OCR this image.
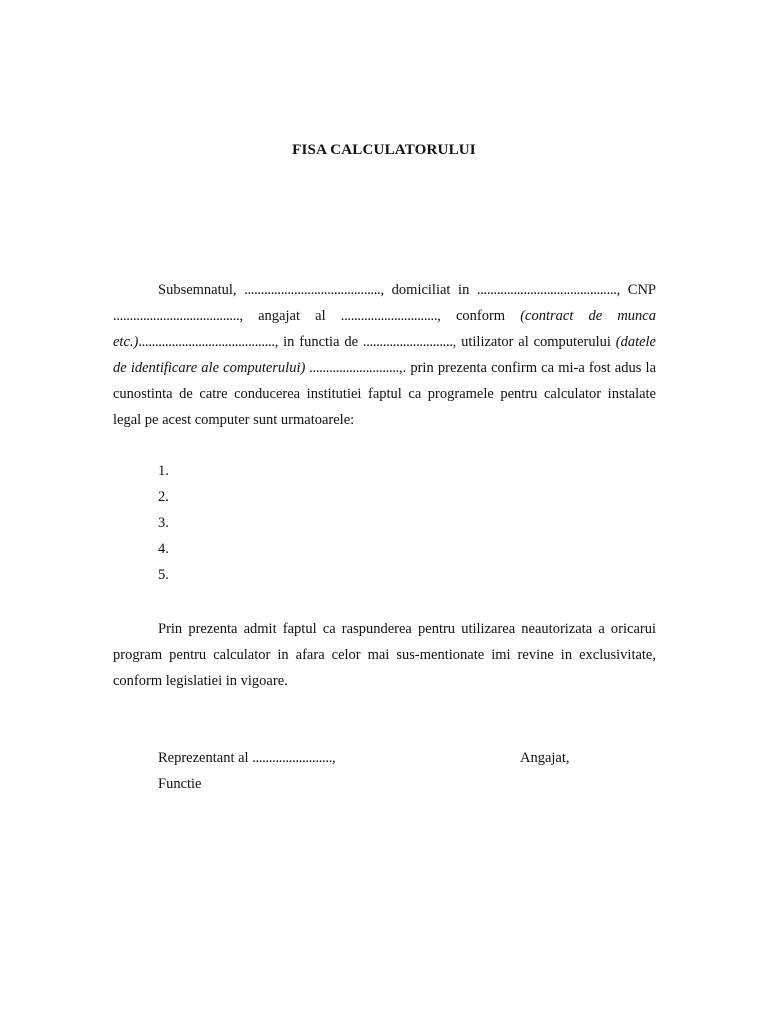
FISA CALCULATORULUI

Subsemnatul, ........................................., domiciliat in .........................................., CNP ......................................, angajat al ............................., conform (contract de munca etc.)........................................., in functia de ..........................., utilizator al computerului (datele de identificare ale computerului) ...........................,. prin prezenta confirm ca mi-a fost adus la cunostinta de catre conducerea institutiei faptul ca programele pentru calculator instalate legal pe acest computer sunt urmatoarele:

1.
2.
3.
4.
5.

Prin prezenta admit faptul ca raspunderea pentru utilizarea neautorizata a oricarui program pentru calculator in afara celor mai sus-mentionate imi revine in exclusivitate, conform legislatiei in vigoare.

Reprezentant al ........................,
Functie
Angajat,
